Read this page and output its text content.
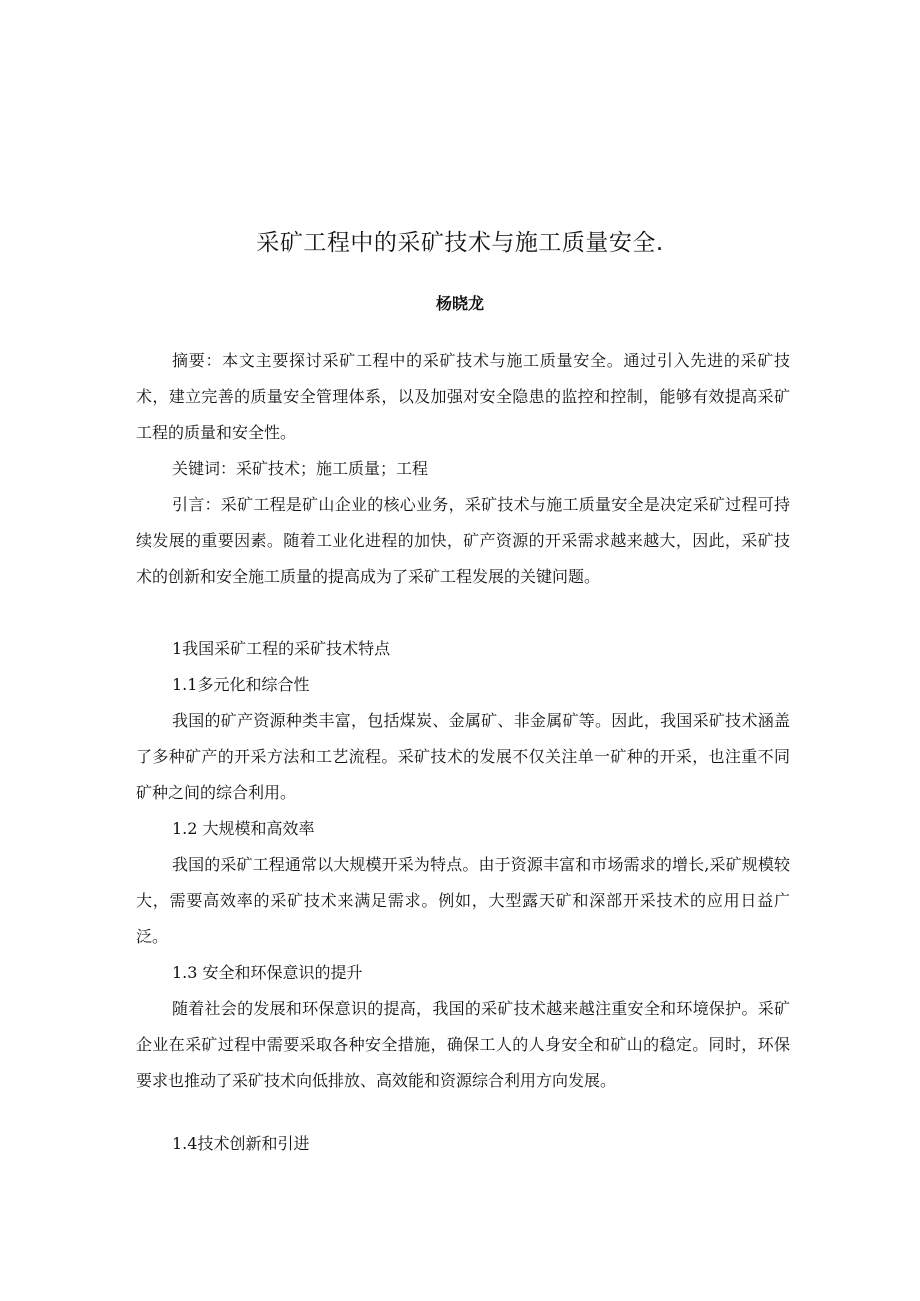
采矿工程中的采矿技术与施工质量安全.

杨晓龙

摘要：本文主要探讨采矿工程中的采矿技术与施工质量安全。通过引入先进的采矿技术，建立完善的质量安全管理体系，以及加强对安全隐患的监控和控制，能够有效提高采矿工程的质量和安全性。

关键词：采矿技术；施工质量；工程

引言：采矿工程是矿山企业的核心业务，采矿技术与施工质量安全是决定采矿过程可持续发展的重要因素。随着工业化进程的加快，矿产资源的开采需求越来越大，因此，采矿技术的创新和安全施工质量的提高成为了采矿工程发展的关键问题。

1我国采矿工程的采矿技术特点

1.1多元化和综合性

我国的矿产资源种类丰富，包括煤炭、金属矿、非金属矿等。因此，我国采矿技术涵盖了多种矿产的开采方法和工艺流程。采矿技术的发展不仅关注单一矿种的开采，也注重不同矿种之间的综合利用。

1.2 大规模和高效率

我国的采矿工程通常以大规模开采为特点。由于资源丰富和市场需求的增长,采矿规模较大，需要高效率的采矿技术来满足需求。例如，大型露天矿和深部开采技术的应用日益广泛。

1.3 安全和环保意识的提升

随着社会的发展和环保意识的提高，我国的采矿技术越来越注重安全和环境保护。采矿企业在采矿过程中需要采取各种安全措施，确保工人的人身安全和矿山的稳定。同时，环保要求也推动了采矿技术向低排放、高效能和资源综合利用方向发展。

1.4技术创新和引进
